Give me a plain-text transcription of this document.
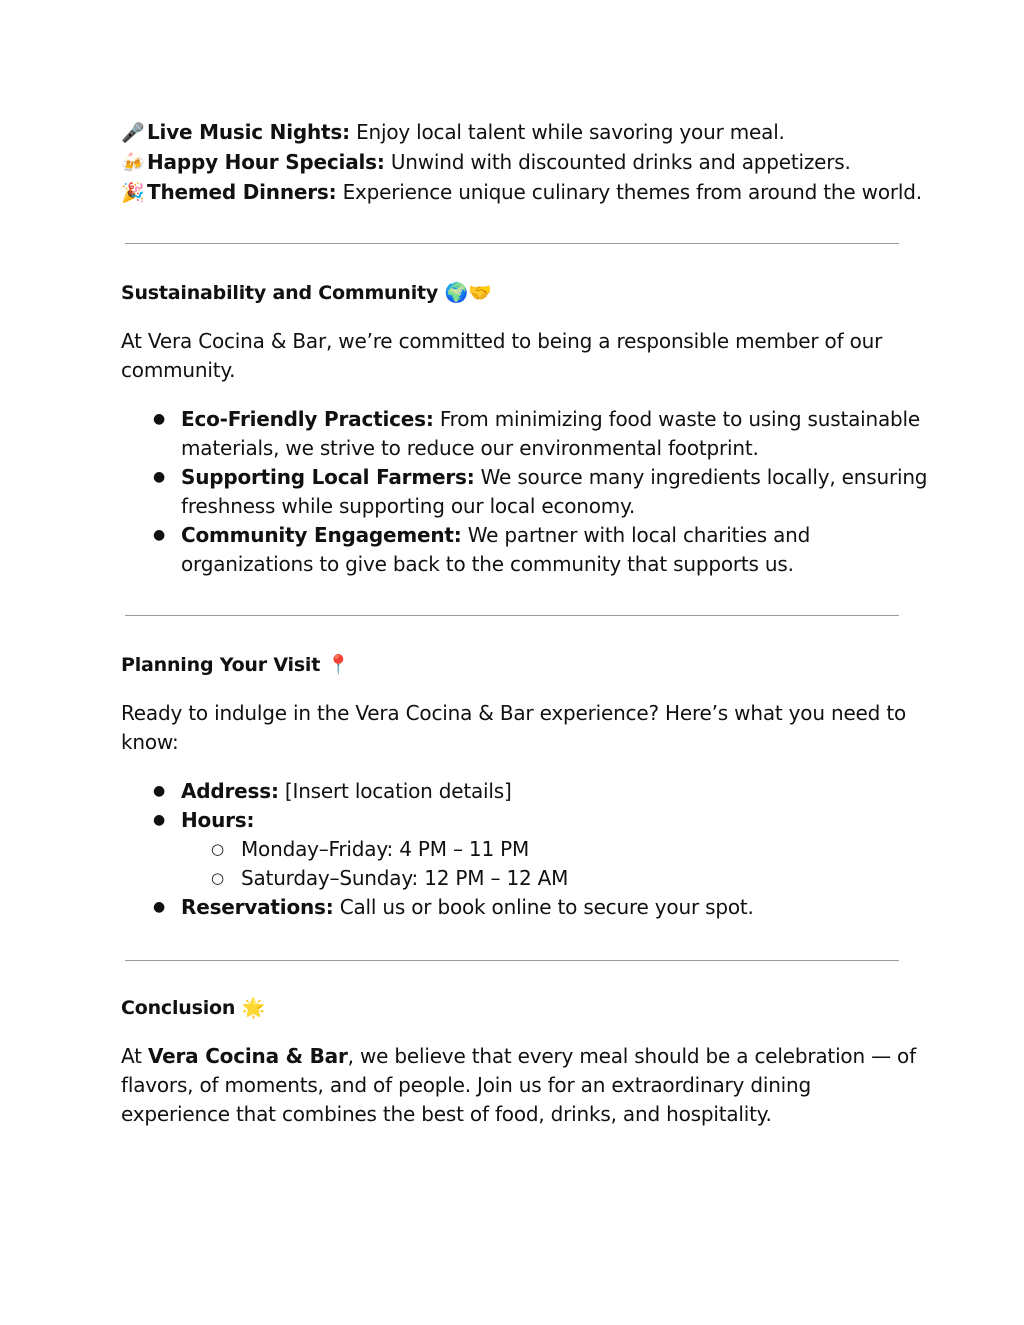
🎤 Live Music Nights: Enjoy local talent while savoring your meal.
🍻 Happy Hour Specials: Unwind with discounted drinks and appetizers.
🎉 Themed Dinners: Experience unique culinary themes from around the world.
Sustainability and Community 🌍🤝
At Vera Cocina & Bar, we’re committed to being a responsible member of our
community.
● Eco-Friendly Practices: From minimizing food waste to using sustainable
materials, we strive to reduce our environmental footprint.
● Supporting Local Farmers: We source many ingredients locally, ensuring
freshness while supporting our local economy.
● Community Engagement: We partner with local charities and
organizations to give back to the community that supports us.
Planning Your Visit 📍
Ready to indulge in the Vera Cocina & Bar experience? Here’s what you need to
know:
● Address: [Insert location details]
● Hours:
○ Monday–Friday: 4 PM – 11 PM
○ Saturday–Sunday: 12 PM – 12 AM
● Reservations: Call us or book online to secure your spot.
Conclusion 🌟
At Vera Cocina & Bar, we believe that every meal should be a celebration — of
flavors, of moments, and of people. Join us for an extraordinary dining
experience that combines the best of food, drinks, and hospitality.
